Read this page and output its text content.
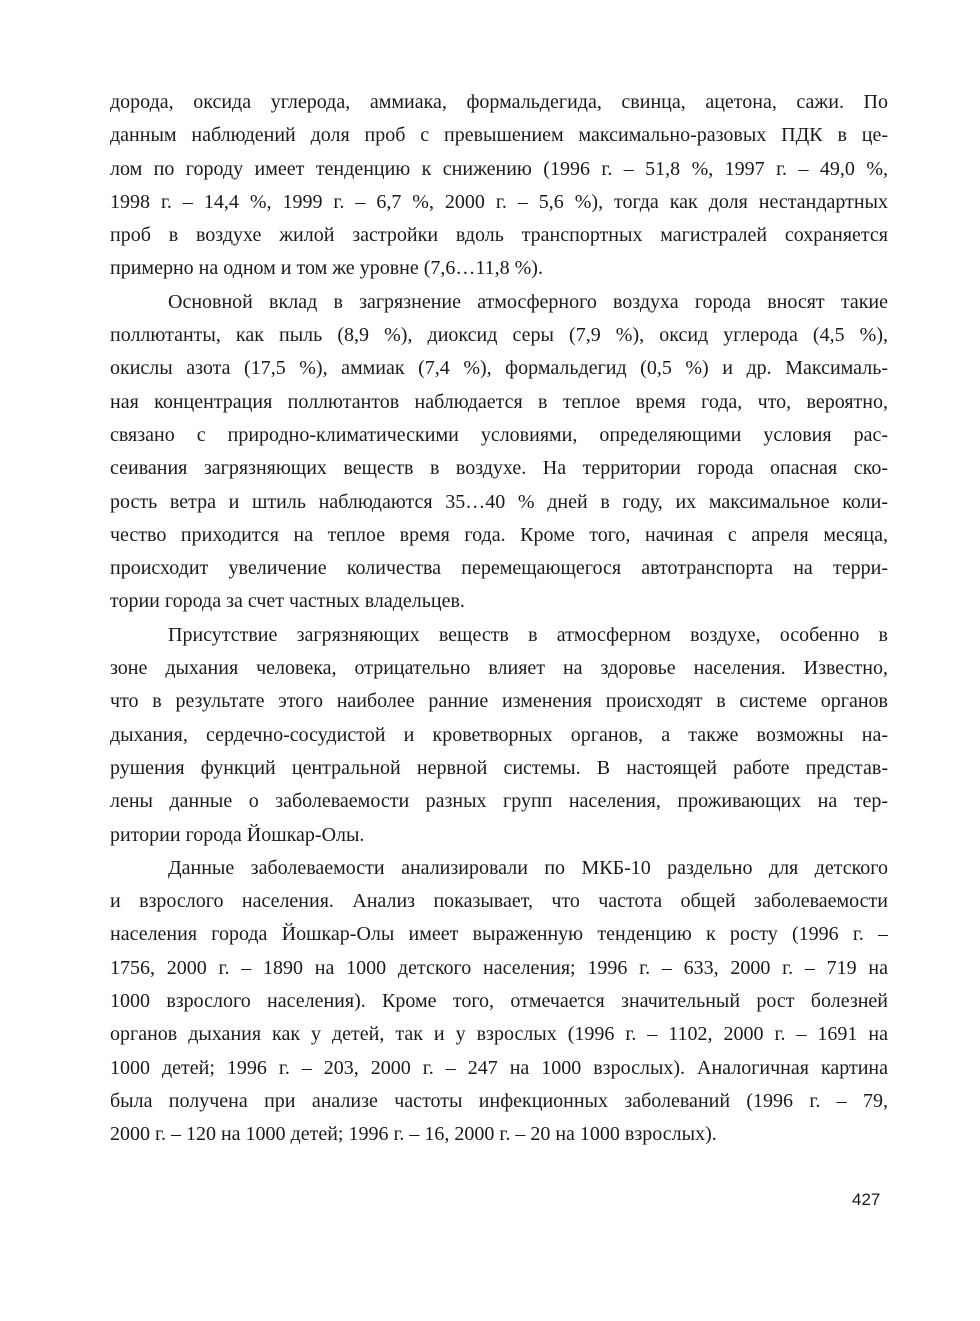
дорода, оксида углерода, аммиака, формальдегида, свинца, ацетона, сажи. По
данным наблюдений доля проб с превышением максимально-разовых ПДК в це-
лом по городу имеет тенденцию к снижению (1996 г. – 51,8 %, 1997 г. – 49,0 %,
1998 г. – 14,4 %, 1999 г. – 6,7 %, 2000 г. – 5,6 %), тогда как доля нестандартных
проб в воздухе жилой застройки вдоль транспортных магистралей сохраняется
примерно на одном и том же уровне (7,6…11,8 %).

Основной вклад в загрязнение атмосферного воздуха города вносят такие
поллютанты, как пыль (8,9 %), диоксид серы (7,9 %), оксид углерода (4,5 %),
окислы азота (17,5 %), аммиак (7,4 %), формальдегид (0,5 %) и др. Максималь-
ная концентрация поллютантов наблюдается в теплое время года, что, вероятно,
связано с природно-климатическими условиями, определяющими условия рас-
сеивания загрязняющих веществ в воздухе. На территории города опасная ско-
рость ветра и штиль наблюдаются 35…40 % дней в году, их максимальное коли-
чество приходится на теплое время года. Кроме того, начиная с апреля месяца,
происходит увеличение количества перемещающегося автотранспорта на терри-
тории города за счет частных владельцев.

Присутствие загрязняющих веществ в атмосферном воздухе, особенно в
зоне дыхания человека, отрицательно влияет на здоровье населения. Известно,
что в результате этого наиболее ранние изменения происходят в системе органов
дыхания, сердечно-сосудистой и кроветворных органов, а также возможны на-
рушения функций центральной нервной системы. В настоящей работе представ-
лены данные о заболеваемости разных групп населения, проживающих на тер-
ритории города Йошкар-Олы.

Данные заболеваемости анализировали по МКБ-10 раздельно для детского
и взрослого населения. Анализ показывает, что частота общей заболеваемости
населения города Йошкар-Олы имеет выраженную тенденцию к росту (1996 г. –
1756, 2000 г. – 1890 на 1000 детского населения; 1996 г. – 633, 2000 г. – 719 на
1000 взрослого населения). Кроме того, отмечается значительный рост болезней
органов дыхания как у детей, так и у взрослых (1996 г. – 1102, 2000 г. – 1691 на
1000 детей; 1996 г. – 203, 2000 г. – 247 на 1000 взрослых). Аналогичная картина
была получена при анализе частоты инфекционных заболеваний (1996 г. – 79,
2000 г. – 120 на 1000 детей; 1996 г. – 16, 2000 г. – 20 на 1000 взрослых).

427
